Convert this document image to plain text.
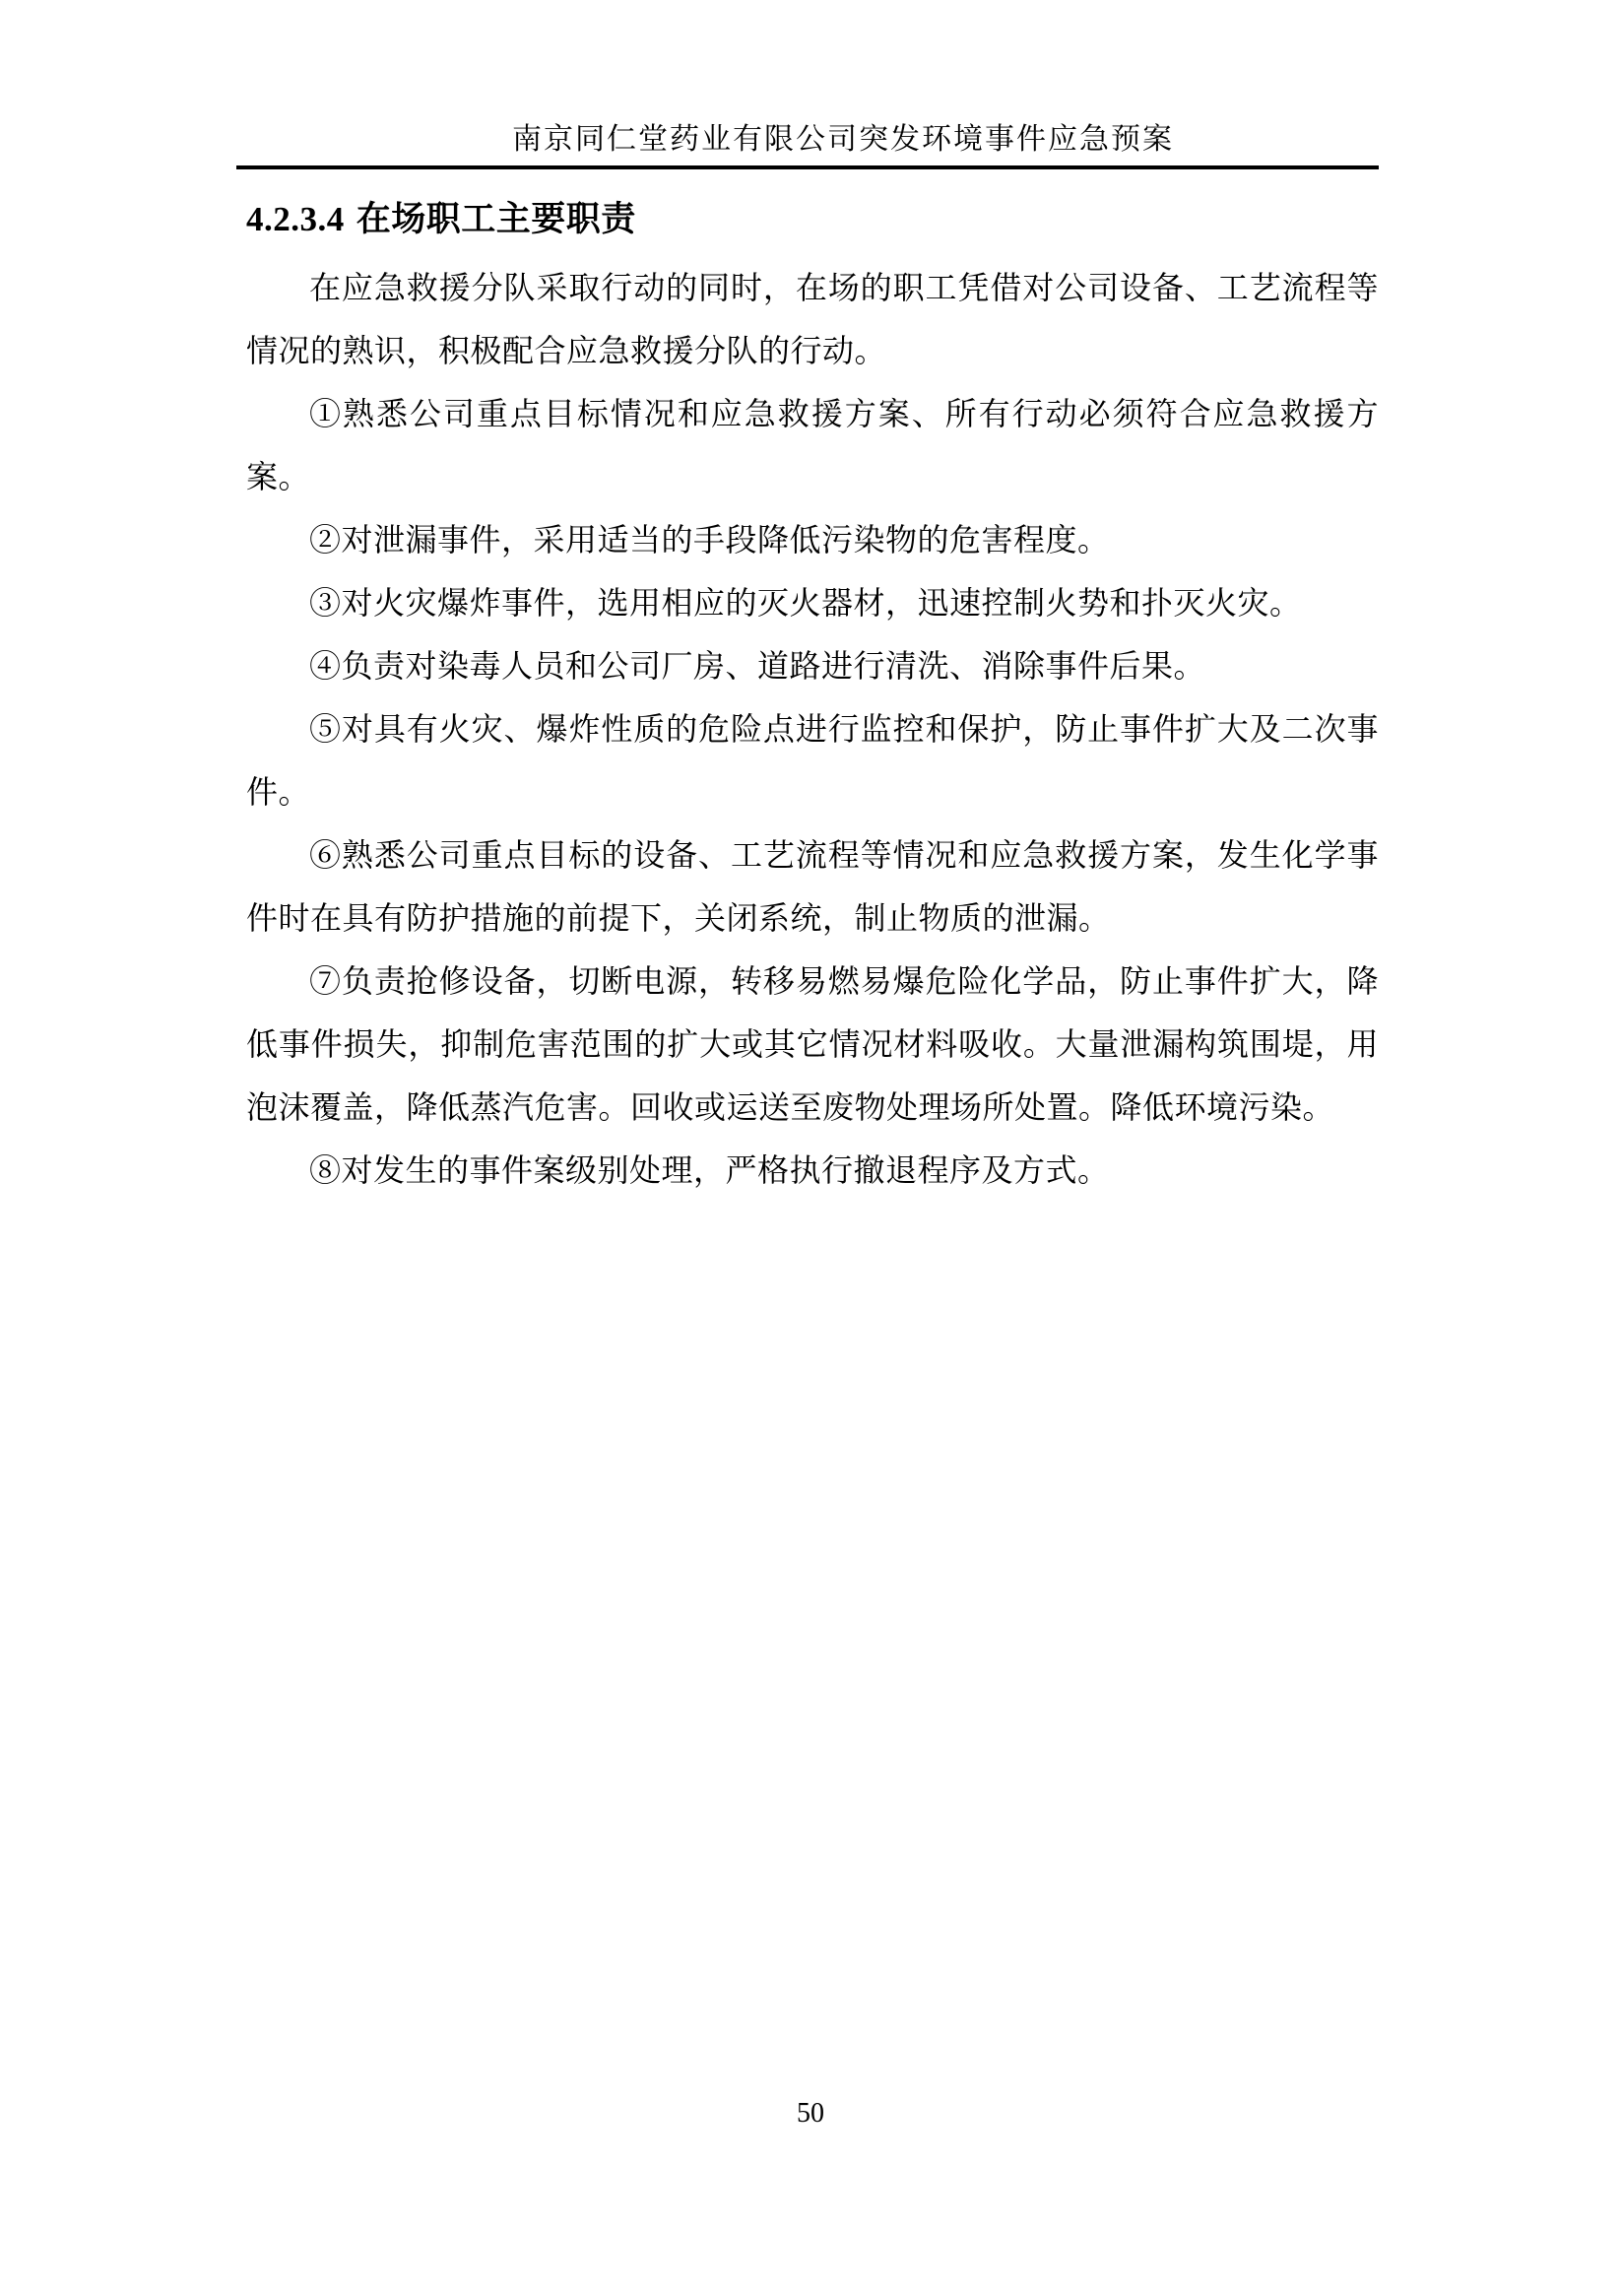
南京同仁堂药业有限公司突发环境事件应急预案
4.2.3.4 在场职工主要职责

在应急救援分队采取行动的同时，在场的职工凭借对公司设备、工艺流程等情况的熟识，积极配合应急救援分队的行动。

①熟悉公司重点目标情况和应急救援方案、所有行动必须符合应急救援方案。

②对泄漏事件，采用适当的手段降低污染物的危害程度。

③对火灾爆炸事件，选用相应的灭火器材，迅速控制火势和扑灭火灾。

④负责对染毒人员和公司厂房、道路进行清洗、消除事件后果。

⑤对具有火灾、爆炸性质的危险点进行监控和保护，防止事件扩大及二次事件。

⑥熟悉公司重点目标的设备、工艺流程等情况和应急救援方案，发生化学事件时在具有防护措施的前提下，关闭系统，制止物质的泄漏。

⑦负责抢修设备，切断电源，转移易燃易爆危险化学品，防止事件扩大，降低事件损失，抑制危害范围的扩大或其它情况材料吸收。大量泄漏构筑围堤，用泡沫覆盖，降低蒸汽危害。回收或运送至废物处理场所处置。降低环境污染。

⑧对发生的事件案级别处理，严格执行撤退程序及方式。

50
